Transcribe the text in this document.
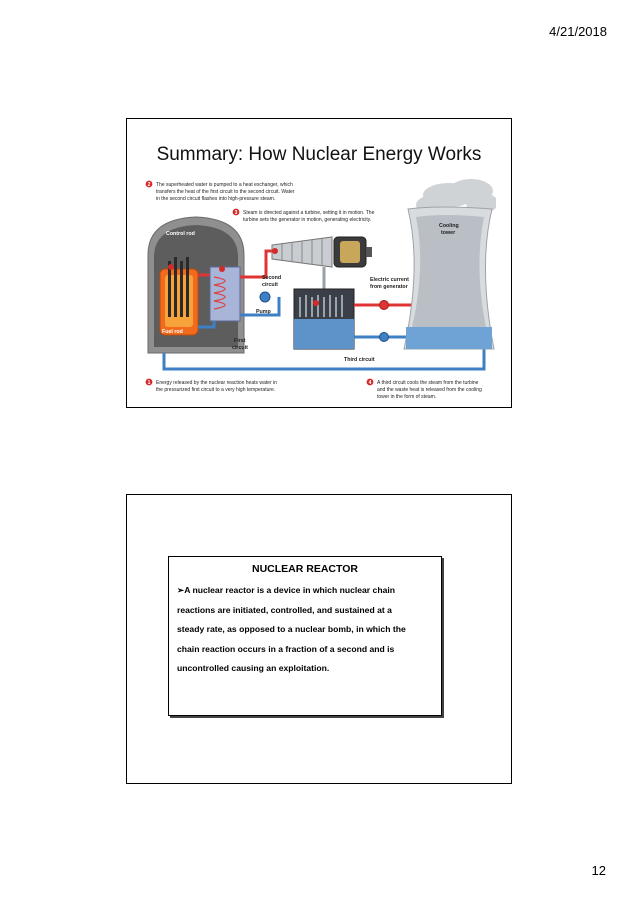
4/21/2018
Summary: How Nuclear Energy Works
2 The superheated water is pumped to a heat exchanger, which
transfers the heat of the first circuit to the second circuit. Water
in the second circuit flashes into high-pressure steam.
3 Steam is directed against a turbine, setting it in motion. The
turbine sets the generator in motion, generating electricity.
Control rod
Fuel rod
First
circuit
Pump
Second
circuit
Third circuit
Electric current
from generator
Cooling
tower
1 Energy released by the nuclear reaction heats water in
the pressurized first circuit to a very high temperature.
4 A third circuit cools the steam from the turbine
and the waste heat is released from the cooling
tower in the form of steam.
NUCLEAR REACTOR
➢A nuclear reactor is a device in which nuclear chain
reactions are initiated, controlled, and sustained at a
steady rate, as opposed to a nuclear bomb, in which the
chain reaction occurs in a fraction of a second and is
uncontrolled causing an exploitation.
12
